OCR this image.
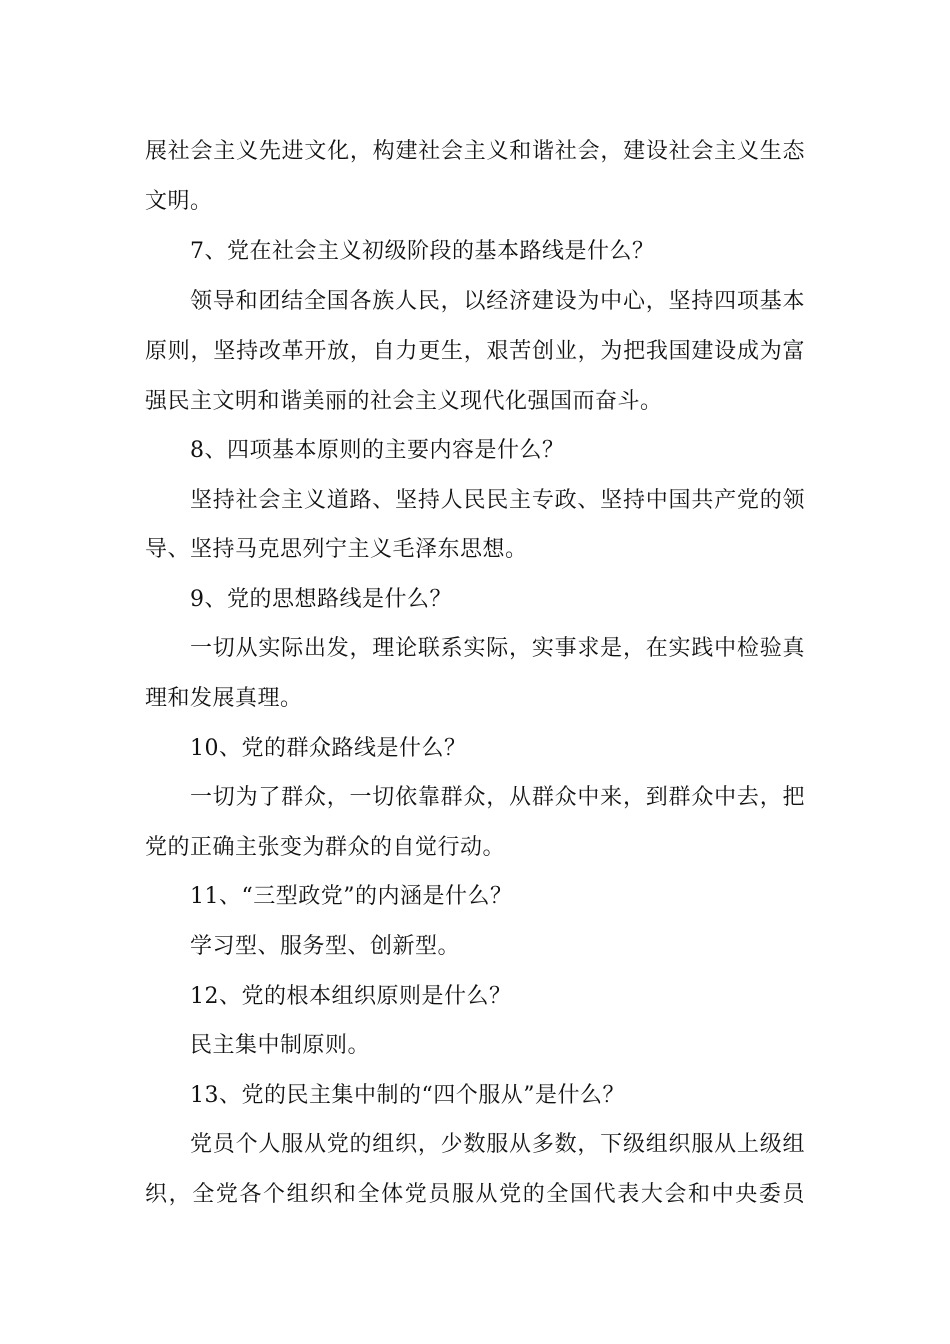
展社会主义先进文化，构建社会主义和谐社会，建设社会主义生态
文明。
7、党在社会主义初级阶段的基本路线是什么？
领导和团结全国各族人民，以经济建设为中心，坚持四项基本
原则，坚持改革开放，自力更生，艰苦创业，为把我国建设成为富
强民主文明和谐美丽的社会主义现代化强国而奋斗。
8、四项基本原则的主要内容是什么？
坚持社会主义道路、坚持人民民主专政、坚持中国共产党的领
导、坚持马克思列宁主义毛泽东思想。
9、党的思想路线是什么？
一切从实际出发，理论联系实际，实事求是，在实践中检验真
理和发展真理。
10、党的群众路线是什么？
一切为了群众，一切依靠群众，从群众中来，到群众中去，把
党的正确主张变为群众的自觉行动。
11、“三型政党”的内涵是什么？
学习型、服务型、创新型。
12、党的根本组织原则是什么？
民主集中制原则。
13、党的民主集中制的“四个服从”是什么？
党员个人服从党的组织，少数服从多数，下级组织服从上级组
织，全党各个组织和全体党员服从党的全国代表大会和中央委员
